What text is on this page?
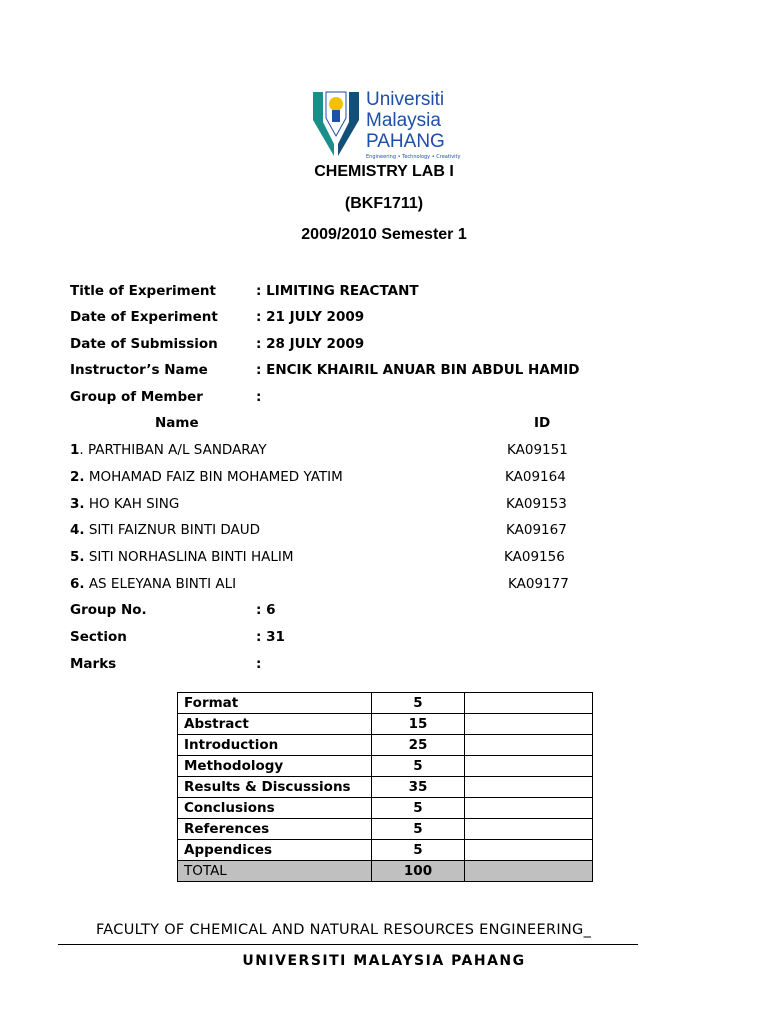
Universiti
Malaysia
PAHANG
Engineering • Technology • Creativity
CHEMISTRY LAB I
(BKF1711)
2009/2010 Semester 1
Title of Experiment	: LIMITING REACTANT
Date of Experiment	: 21 JULY 2009
Date of Submission	: 28 JULY 2009
Instructor’s Name	: ENCIK KHAIRIL ANUAR BIN ABDUL HAMID
Group of Member	:
Name	ID
1. PARTHIBAN A/L SANDARAY	KA09151
2. MOHAMAD FAIZ BIN MOHAMED YATIM	KA09164
3. HO KAH SING	KA09153
4. SITI FAIZNUR BINTI DAUD	KA09167
5. SITI NORHASLINA BINTI HALIM	KA09156
6. AS ELEYANA BINTI ALI	KA09177
Group No.	: 6
Section	: 31
Marks	:
Format	5	
Abstract	15	
Introduction	25	
Methodology	5	
Results & Discussions	35	
Conclusions	5	
References	5	
Appendices	5	
TOTAL	100	
FACULTY OF CHEMICAL AND NATURAL RESOURCES ENGINEERING_
UNIVERSITI MALAYSIA PAHANG
